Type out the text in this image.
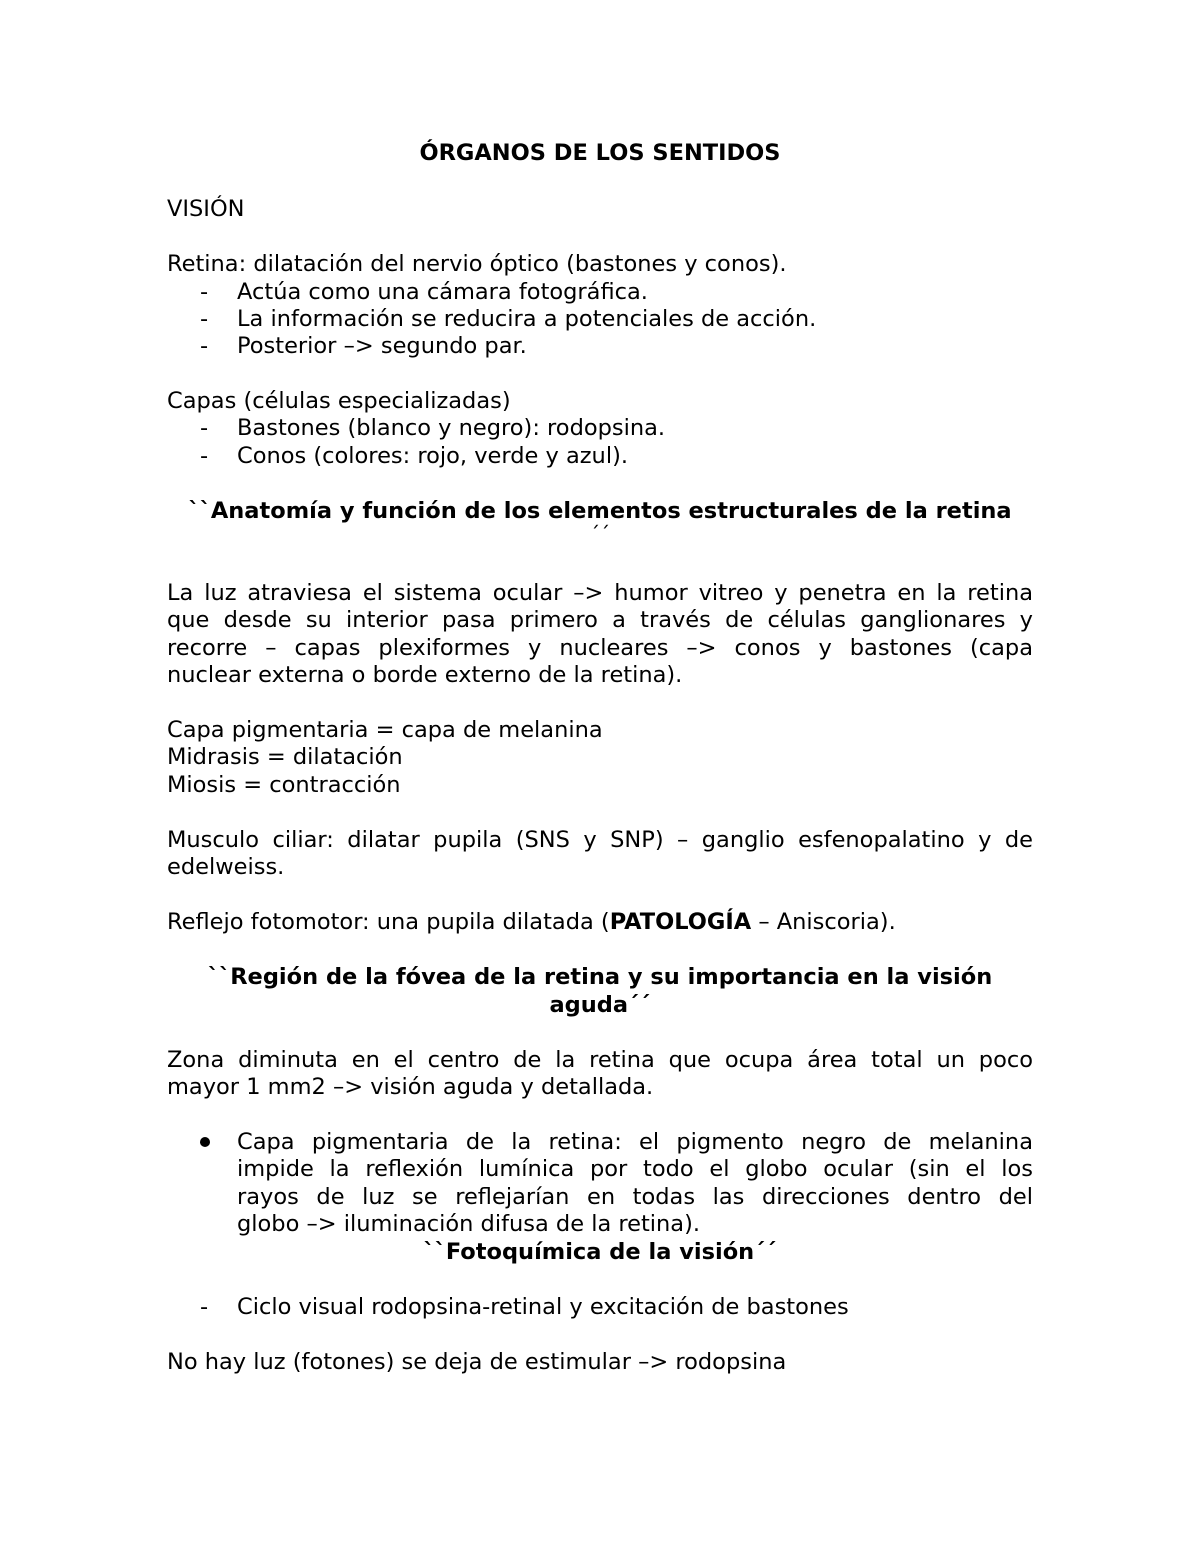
ÓRGANOS DE LOS SENTIDOS
VISIÓN
Retina: dilatación del nervio óptico (bastones y conos).
- Actúa como una cámara fotográfica.
- La información se reducira a potenciales de acción.
- Posterior –> segundo par.
Capas (células especializadas)
- Bastones (blanco y negro): rodopsina.
- Conos (colores: rojo, verde y azul).
``Anatomía y función de los elementos estructurales de la retina
´´
La luz atraviesa el sistema ocular –> humor vitreo y penetra en la retina
que desde su interior pasa primero a través de células ganglionares y
recorre – capas plexiformes y nucleares –> conos y bastones (capa
nuclear externa o borde externo de la retina).
Capa pigmentaria = capa de melanina
Midrasis = dilatación
Miosis = contracción
Musculo ciliar: dilatar pupila (SNS y SNP) – ganglio esfenopalatino y de
edelweiss.
Reflejo fotomotor: una pupila dilatada (PATOLOGÍA – Aniscoria).
``Región de la fóvea de la retina y su importancia en la visión
aguda´´
Zona diminuta en el centro de la retina que ocupa área total un poco
mayor 1 mm2 –> visión aguda y detallada.
Capa pigmentaria de la retina: el pigmento negro de melanina
impide la reflexión lumínica por todo el globo ocular (sin el los
rayos de luz se reflejarían en todas las direcciones dentro del
globo –> iluminación difusa de la retina).
``Fotoquímica de la visión´´
- Ciclo visual rodopsina-retinal y excitación de bastones
No hay luz (fotones) se deja de estimular –> rodopsina
